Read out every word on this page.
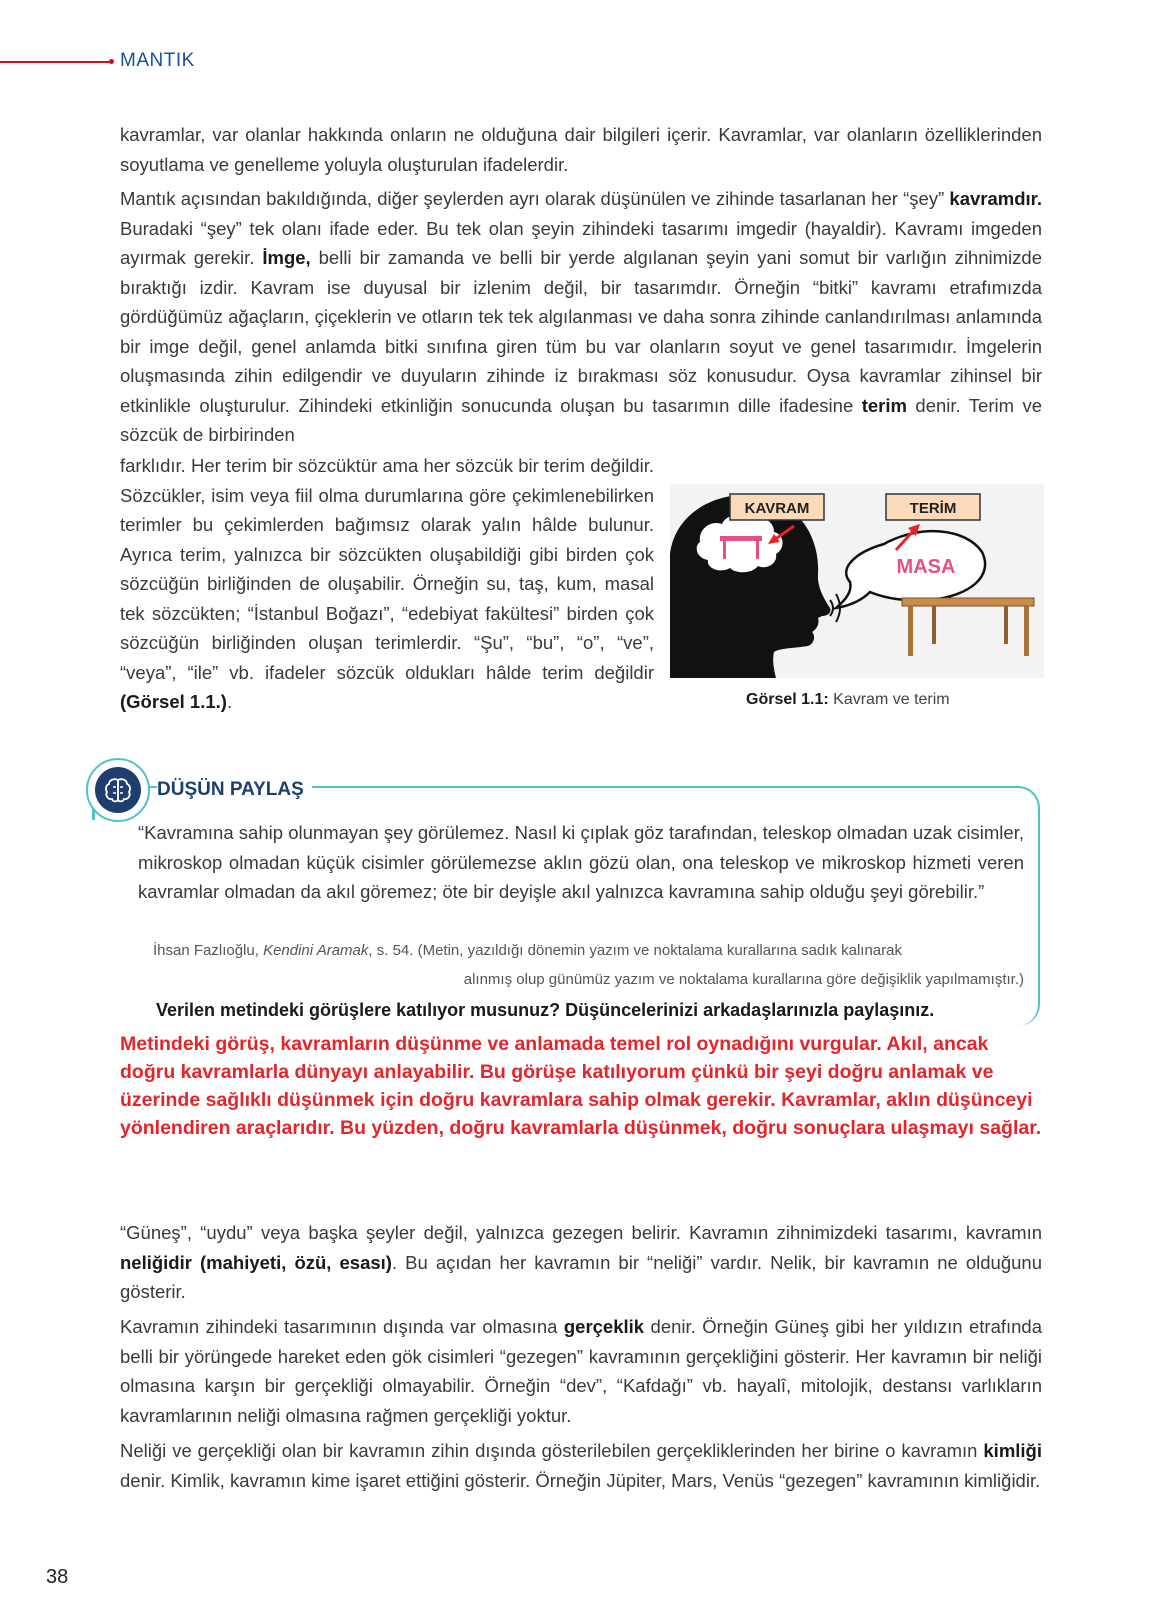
MANTIK

kavramlar, var olanlar hakkında onların ne olduğuna dair bilgileri içerir. Kavramlar, var olanların özelliklerinden soyutlama ve genelleme yoluyla oluşturulan ifadelerdir.

Mantık açısından bakıldığında, diğer şeylerden ayrı olarak düşünülen ve zihinde tasarlanan her “şey” kavramdır. Buradaki “şey” tek olanı ifade eder. Bu tek olan şeyin zihindeki tasarımı imgedir (hayaldir). Kavramı imgeden ayırmak gerekir. İmge, belli bir zamanda ve belli bir yerde algılanan şeyin yani somut bir varlığın zihnimizde bıraktığı izdir. Kavram ise duyusal bir izlenim değil, bir tasarımdır. Örneğin “bitki” kavramı etrafımızda gördüğümüz ağaçların, çiçeklerin ve otların tek tek algılanması ve daha sonra zihinde canlandırılması anlamında bir imge değil, genel anlamda bitki sınıfına giren tüm bu var olanların soyut ve genel tasarımıdır. İmgelerin oluşmasında zihin edilgendir ve duyuların zihinde iz bırakması söz konusudur. Oysa kavramlar zihinsel bir etkinlikle oluşturulur. Zihindeki etkinliğin sonucunda oluşan bu tasarımın dille ifadesine terim denir. Terim ve sözcük de birbirinden

farklıdır. Her terim bir sözcüktür ama her sözcük bir terim değildir. Sözcükler, isim veya fiil olma durumlarına göre çekimlenebilirken terimler bu çekimlerden bağımsız olarak yalın hâlde bulunur. Ayrıca terim, yalnızca bir sözcükten oluşabildiği gibi birden çok sözcüğün birliğinden de oluşabilir. Örneğin su, taş, kum, masal tek sözcükten; “İstanbul Boğazı”, “edebiyat fakültesi” birden çok sözcüğün birliğinden oluşan terimlerdir. “Şu”, “bu”, “o”, “ve”, “veya”, “ile” vb. ifadeler sözcük oldukları hâlde terim değildir (Görsel 1.1.).

KAVRAM	TERİM
MASA
Görsel 1.1: Kavram ve terim
DÜŞÜN PAYLAŞ

“Kavramına sahip olunmayan şey görülemez. Nasıl ki çıplak göz tarafından, teleskop olmadan uzak cisimler, mikroskop olmadan küçük cisimler görülemezse aklın gözü olan, ona teleskop ve mikroskop hizmeti veren kavramlar olmadan da akıl göremez; öte bir deyişle akıl yalnızca kavramına sahip olduğu şeyi görebilir.”

İhsan Fazlıoğlu, Kendini Aramak, s. 54. (Metin, yazıldığı dönemin yazım ve noktalama kurallarına sadık kalınarak
alınmış olup günümüz yazım ve noktalama kurallarına göre değişiklik yapılmamıştır.)
Verilen metindeki görüşlere katılıyor musunuz? Düşüncelerinizi arkadaşlarınızla paylaşınız.

Metindeki görüş, kavramların düşünme ve anlamada temel rol oynadığını vurgular. Akıl, ancak doğru kavramlarla dünyayı anlayabilir. Bu görüşe katılıyorum çünkü bir şeyi doğru anlamak ve üzerinde sağlıklı düşünmek için doğru kavramlara sahip olmak gerekir. Kavramlar, aklın düşünceyi yönlendiren araçlarıdır. Bu yüzden, doğru kavramlarla düşünmek, doğru sonuçlara ulaşmayı sağlar.

“Güneş”, “uydu” veya başka şeyler değil, yalnızca gezegen belirir. Kavramın zihnimizdeki tasarımı, kavramın neliğidir (mahiyeti, özü, esası). Bu açıdan her kavramın bir “neliği” vardır. Nelik, bir kavramın ne olduğunu gösterir.

Kavramın zihindeki tasarımının dışında var olmasına gerçeklik denir. Örneğin Güneş gibi her yıldızın etrafında belli bir yörüngede hareket eden gök cisimleri “gezegen” kavramının gerçekliğini gösterir. Her kavramın bir neliği olmasına karşın bir gerçekliği olmayabilir. Örneğin “dev”, “Kafdağı” vb. hayalî, mitolojik, destansı varlıkların kavramlarının neliği olmasına rağmen gerçekliği yoktur.

Neliği ve gerçekliği olan bir kavramın zihin dışında gösterilebilen gerçekliklerinden her birine o kavramın kimliği denir. Kimlik, kavramın kime işaret ettiğini gösterir. Örneğin Jüpiter, Mars, Venüs “gezegen” kavramının kimliğidir.

38
